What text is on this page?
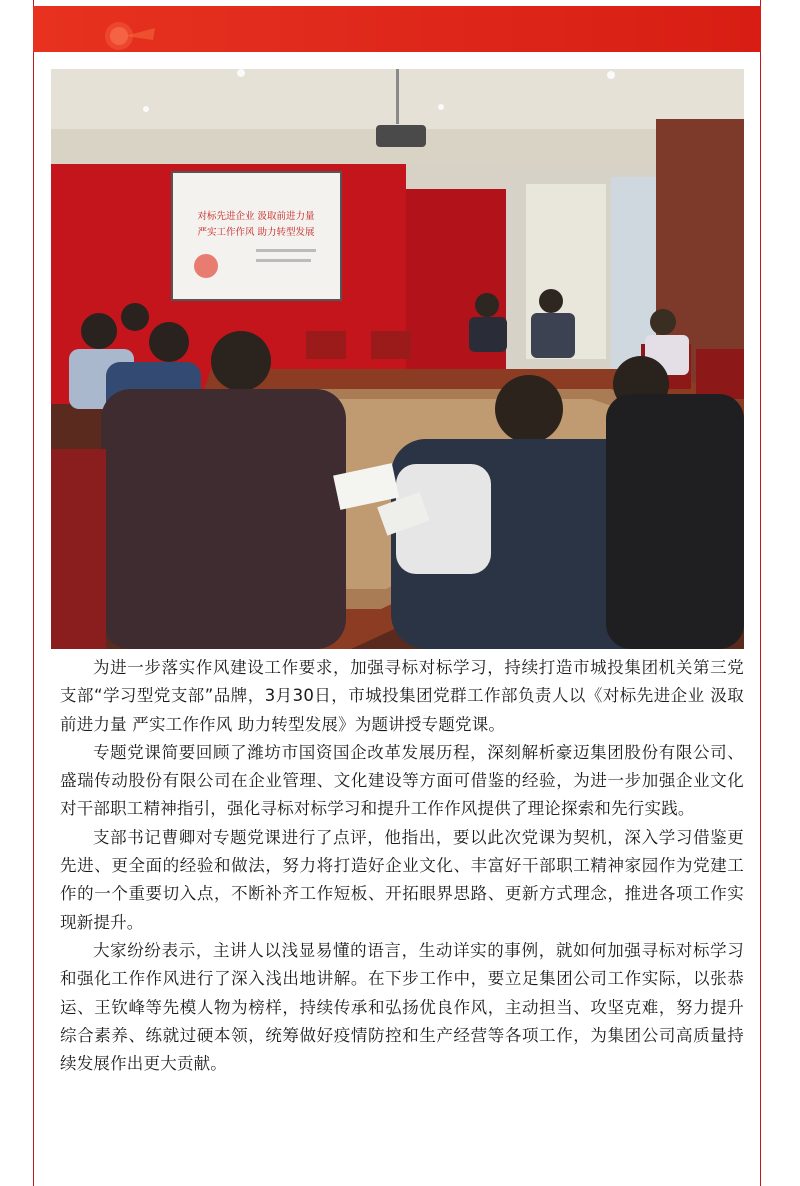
对标先进企业 汲取前进力量
严实工作作风 助力转型发展

为进一步落实作风建设工作要求，加强寻标对标学习，持续打造市城投集团机关第三党支部“学习型党支部”品牌，3月30日，市城投集团党群工作部负责人以《对标先进企业 汲取前进力量 严实工作作风 助力转型发展》为题讲授专题党课。

专题党课简要回顾了潍坊市国资国企改革发展历程，深刻解析豪迈集团股份有限公司、盛瑞传动股份有限公司在企业管理、文化建设等方面可借鉴的经验，为进一步加强企业文化对干部职工精神指引，强化寻标对标学习和提升工作作风提供了理论探索和先行实践。

支部书记曹卿对专题党课进行了点评，他指出，要以此次党课为契机，深入学习借鉴更先进、更全面的经验和做法，努力将打造好企业文化、丰富好干部职工精神家园作为党建工作的一个重要切入点，不断补齐工作短板、开拓眼界思路、更新方式理念，推进各项工作实现新提升。

大家纷纷表示，主讲人以浅显易懂的语言，生动详实的事例，就如何加强寻标对标学习和强化工作作风进行了深入浅出地讲解。在下步工作中，要立足集团公司工作实际，以张恭运、王钦峰等先模人物为榜样，持续传承和弘扬优良作风，主动担当、攻坚克难，努力提升综合素养、练就过硬本领，统筹做好疫情防控和生产经营等各项工作，为集团公司高质量持续发展作出更大贡献。
